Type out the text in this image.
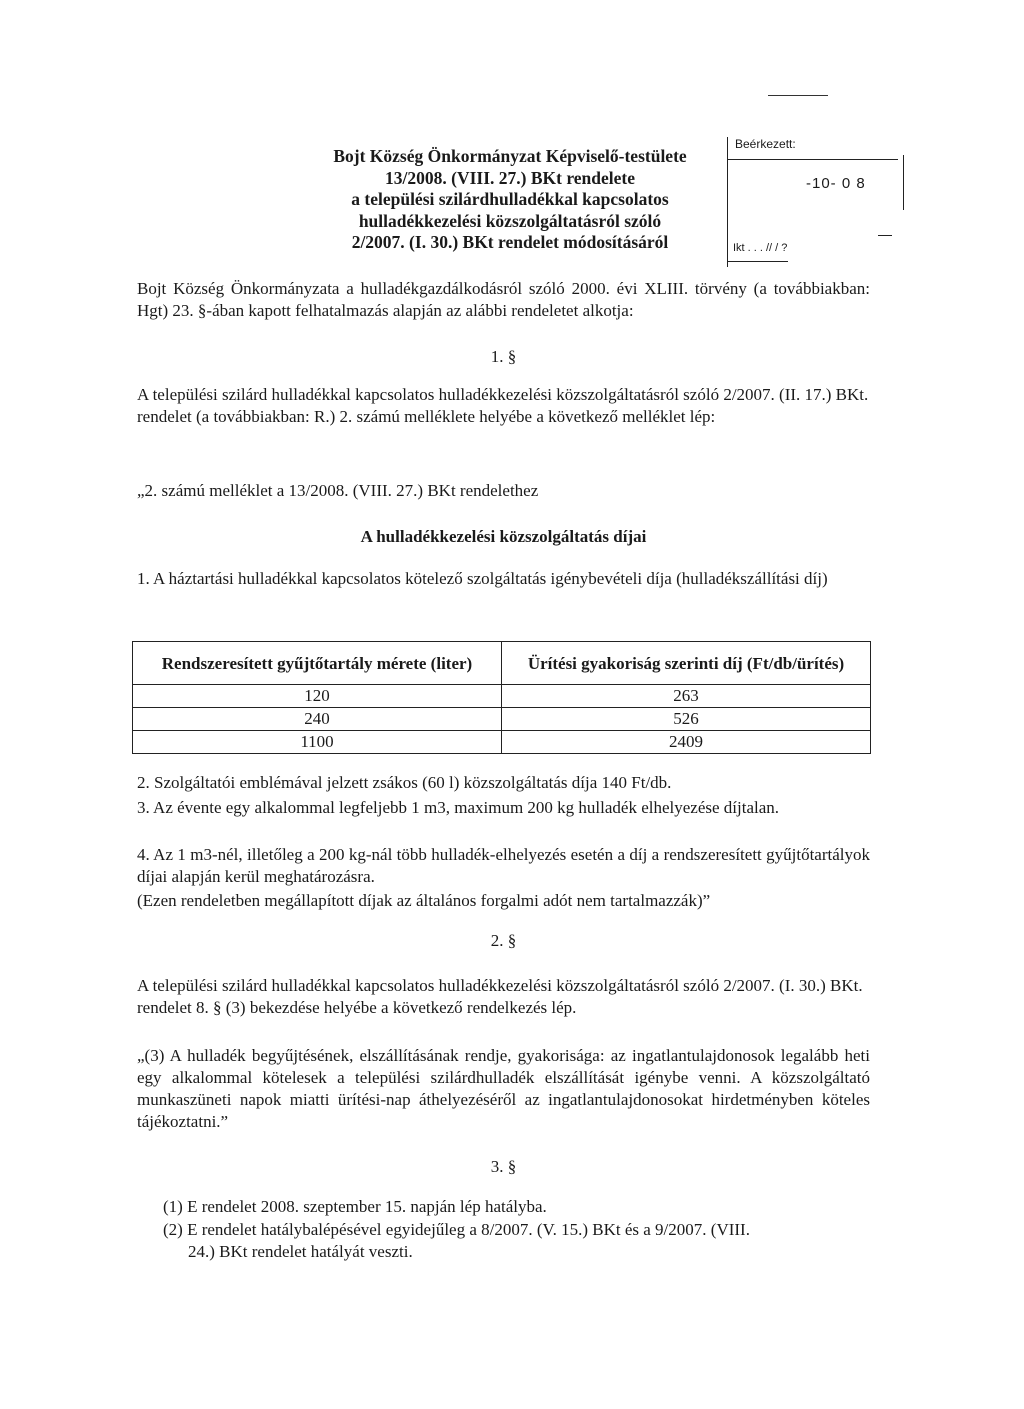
Bojt Község Önkormányzat Képviselő-testülete
13/2008. (VIII. 27.) BKt rendelete
a települési szilárdhulladékkal kapcsolatos
hulladékkezelési közszolgáltatásról szóló
2/2007. (I. 30.) BKt rendelet módosításáról
Beérkezett:
-10- 0 8
Ikt . . . // / ?
Bojt Község Önkormányzata a hulladékgazdálkodásról szóló 2000. évi XLIII. törvény (a továbbiakban: Hgt) 23. §-ában kapott felhatalmazás alapján az alábbi rendeletet alkotja:
1. §
A települési szilárd hulladékkal kapcsolatos hulladékkezelési közszolgáltatásról szóló 2/2007. (II. 17.) BKt. rendelet (a továbbiakban: R.) 2. számú melléklete helyébe a következő melléklet lép:
„2. számú melléklet a 13/2008. (VIII. 27.) BKt rendelethez
A hulladékkezelési közszolgáltatás díjai
1. A háztartási hulladékkal kapcsolatos kötelező szolgáltatás igénybevételi díja (hulladékszállítási díj)
Rendszeresített gyűjtőtartály mérete (liter)	Ürítési gyakoriság szerinti díj (Ft/db/ürítés)
120	263
240	526
1100	2409
2. Szolgáltatói emblémával jelzett zsákos (60 l) közszolgáltatás díja 140 Ft/db.
3. Az évente egy alkalommal legfeljebb 1 m3, maximum 200 kg hulladék elhelyezése díjtalan.
4. Az 1 m3-nél, illetőleg a 200 kg-nál több hulladék-elhelyezés esetén a díj a rendszeresített gyűjtőtartályok díjai alapján kerül meghatározásra.
(Ezen rendeletben megállapított díjak az általános forgalmi adót nem tartalmazzák)”
2. §
A települési szilárd hulladékkal kapcsolatos hulladékkezelési közszolgáltatásról szóló 2/2007. (I. 30.) BKt. rendelet 8. § (3) bekezdése helyébe a következő rendelkezés lép.
„(3) A hulladék begyűjtésének, elszállításának rendje, gyakorisága: az ingatlantulajdonosok legalább heti egy alkalommal kötelesek a települési szilárdhulladék elszállítását igénybe venni. A közszolgáltató munkaszüneti napok miatti ürítési-nap áthelyezéséről az ingatlantulajdonosokat hirdetményben köteles tájékoztatni.”
3. §
(1) E rendelet 2008. szeptember 15. napján lép hatályba.
(2) E rendelet hatálybalépésével egyidejűleg a 8/2007. (V. 15.) BKt és a 9/2007. (VIII.
24.) BKt rendelet hatályát veszti.
